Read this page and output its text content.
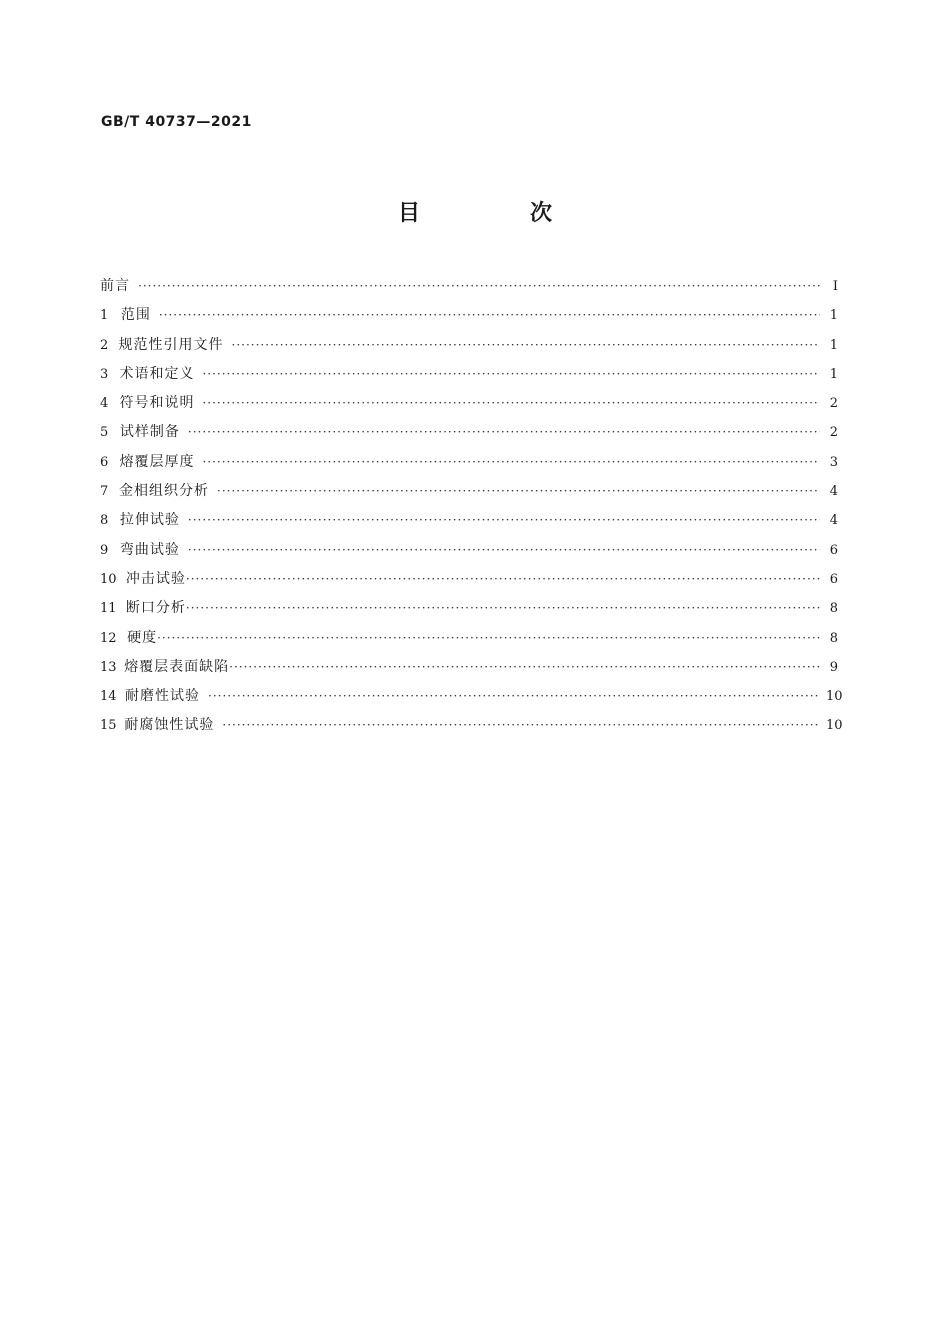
GB/T 40737—2021
目　次
前言 ·····	Ⅰ
1 范围 ·····	1
2 规范性引用文件 ·····	1
3 术语和定义 ·····	1
4 符号和说明 ·····	2
5 试样制备 ·····	2
6 熔覆层厚度 ·····	3
7 金相组织分析 ·····	4
8 拉伸试验 ·····	4
9 弯曲试验 ·····	6
10 冲击试验 ·····	6
11 断口分析 ·····	8
12 硬度 ·····	8
13 熔覆层表面缺陷 ·····	9
14 耐磨性试验 ·····	10
15 耐腐蚀性试验 ·····	10
